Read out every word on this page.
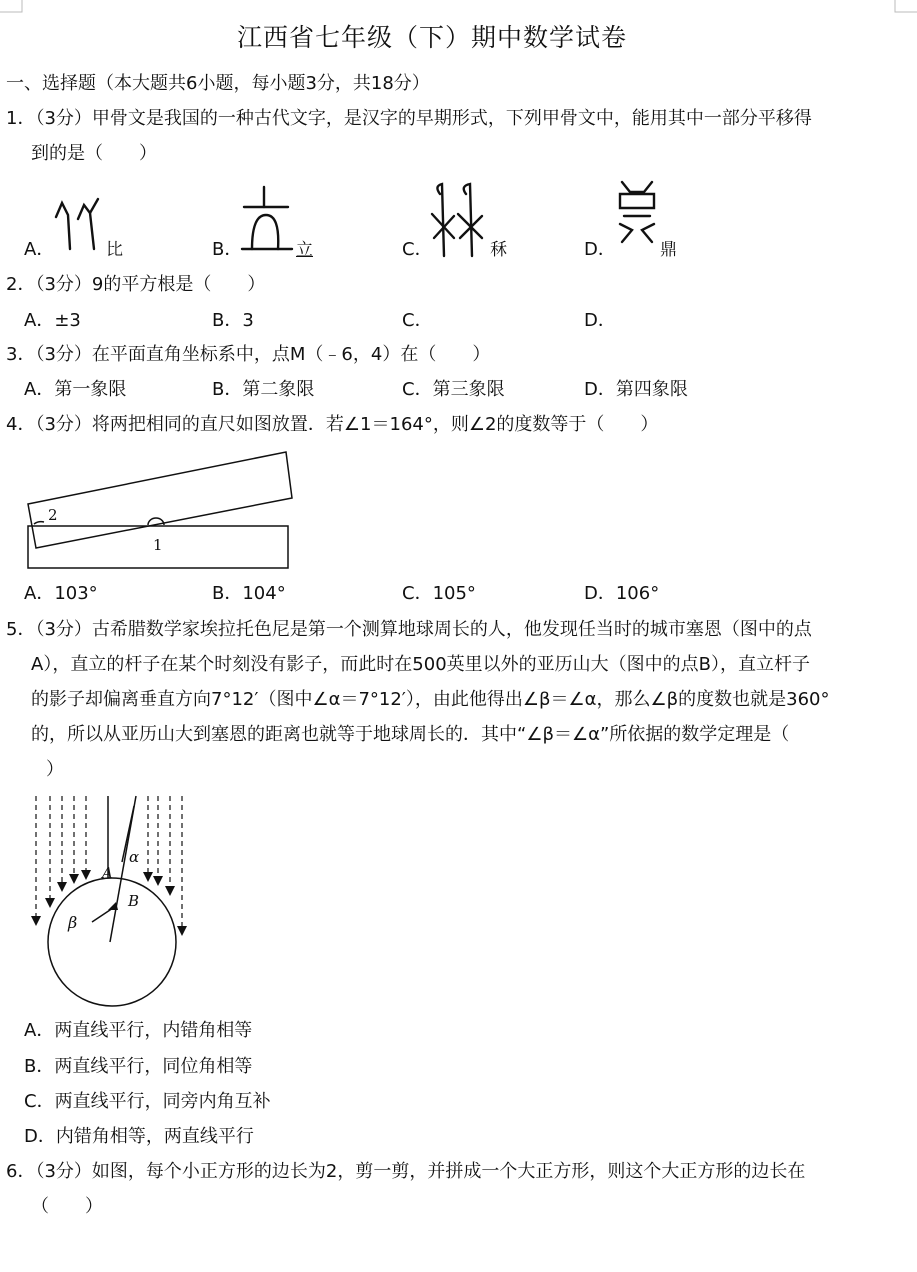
江西省七年级（下）期中数学试卷
一、选择题（本大题共6小题，每小题3分，共18分）
1．（3分）甲骨文是我国的一种古代文字，是汉字的早期形式，下列甲骨文中，能用其中一部分平移得
到的是（　　）
A．	比	B．	立	C．	秝	D．	鼎
2．（3分）9的平方根是（　　）
A．±3	B．3	C．	D．
3．（3分）在平面直角坐标系中，点M（﹣6，4）在（　　）
A．第一象限	B．第二象限	C．第三象限	D．第四象限
4．（3分）将两把相同的直尺如图放置．若∠1＝164°，则∠2的度数等于（　　）
2
1
A．103°	B．104°	C．105°	D．106°
5．（3分）古希腊数学家埃拉托色尼是第一个测算地球周长的人，他发现任当时的城市塞恩（图中的点
A），直立的杆子在某个时刻没有影子，而此时在500英里以外的亚历山大（图中的点B），直立杆子
的影子却偏离垂直方向7°12′（图中∠α＝7°12′），由此他得出∠β＝∠α，那么∠β的度数也就是360°
的，所以从亚历山大到塞恩的距离也就等于地球周长的．其中“∠β＝∠α”所依据的数学定理是（
）
A
B
α
β
A．两直线平行，内错角相等
B．两直线平行，同位角相等
C．两直线平行，同旁内角互补
D．内错角相等，两直线平行
6．（3分）如图，每个小正方形的边长为2，剪一剪，并拼成一个大正方形，则这个大正方形的边长在
（　　）
